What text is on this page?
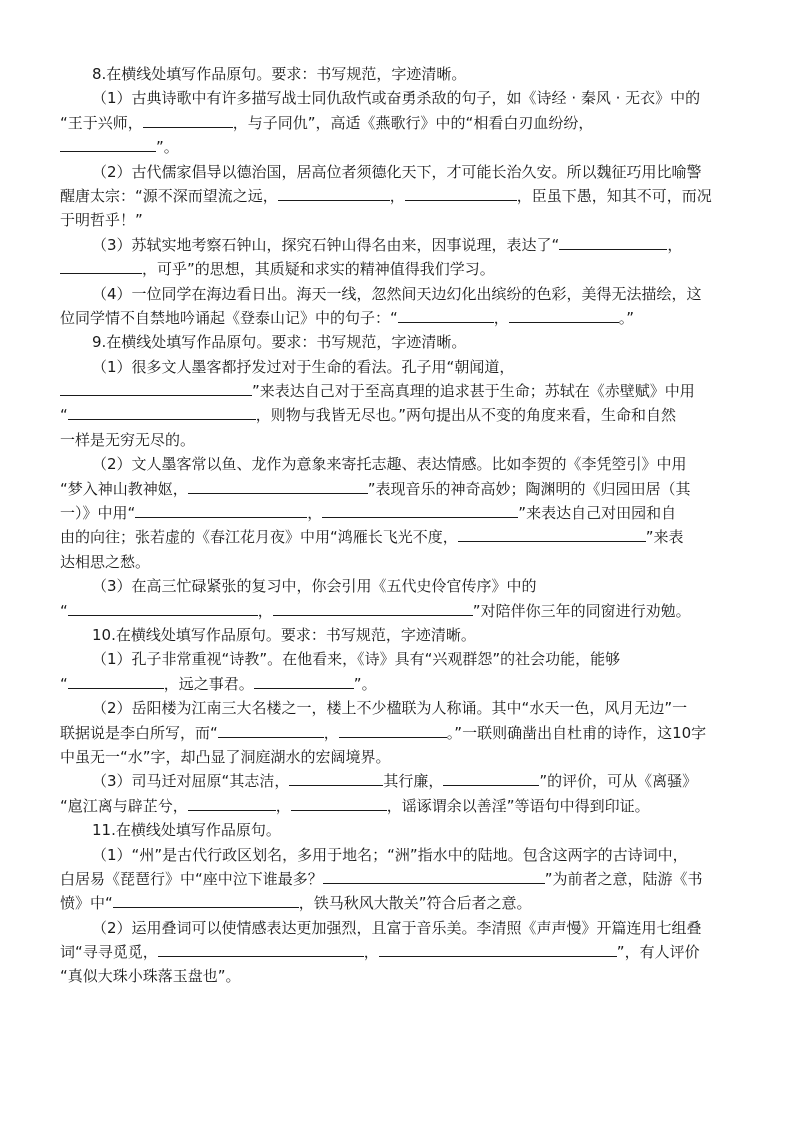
8.在横线处填写作品原句。要求：书写规范，字迹清晰。
（1）古典诗歌中有许多描写战士同仇敌忾或奋勇杀敌的句子，如《诗经 · 秦风 · 无衣》中的
“王于兴师，	，与子同仇”，高适《燕歌行》中的“相看白刃血纷纷，
”。
（2）古代儒家倡导以德治国，居高位者须德化天下，才可能长治久安。所以魏征巧用比喻警
醒唐太宗：“源不深而望流之远，	，	，臣虽下愚，知其不可，而况
于明哲乎！”
（3）苏轼实地考察石钟山，探究石钟山得名由来，因事说理，表达了“	，
，可乎”的思想，其质疑和求实的精神值得我们学习。
（4）一位同学在海边看日出。海天一线，忽然间天边幻化出缤纷的色彩，美得无法描绘，这
位同学情不自禁地吟诵起《登泰山记》中的句子：“	，	。”
9.在横线处填写作品原句。要求：书写规范，字迹清晰。
（1）很多文人墨客都抒发过对于生命的看法。孔子用“朝闻道，
”来表达自己对于至高真理的追求甚于生命；苏轼在《赤壁赋》中用
“	，则物与我皆无尽也。”两句提出从不变的角度来看，生命和自然
一样是无穷无尽的。
（2）文人墨客常以鱼、龙作为意象来寄托志趣、表达情感。比如李贺的《李凭箜引》中用
“梦入神山教神妪，	”表现音乐的神奇高妙；陶渊明的《归园田居（其
一）》中用“	，	”来表达自己对田园和自
由的向往；张若虚的《春江花月夜》中用“鸿雁长飞光不度，	”来表
达相思之愁。
（3）在高三忙碌紧张的复习中，你会引用《五代史伶官传序》中的
“	，	”对陪伴你三年的同窗进行劝勉。
10.在横线处填写作品原句。要求：书写规范，字迹清晰。
（1）孔子非常重视“诗教”。在他看来，《诗》具有“兴观群怨”的社会功能，能够
“	，远之事君。	”。
（2）岳阳楼为江南三大名楼之一，楼上不少楹联为人称诵。其中“水天一色，风月无边”一
联据说是李白所写，而“	，	。”一联则确凿出自杜甫的诗作，这10字
中虽无一“水”字，却凸显了洞庭湖水的宏阔境界。
（3）司马迁对屈原“其志洁，	其行廉，	”的评价，可从《离骚》
“扈江离与辟芷兮，	，	，谣诼谓余以善淫”等语句中得到印证。
11.在横线处填写作品原句。
（1）“州”是古代行政区划名，多用于地名；“洲”指水中的陆地。包含这两字的古诗词中，
白居易《琵琶行》中“座中泣下谁最多？	”为前者之意，陆游《书
愤》中“	，铁马秋风大散关”符合后者之意。
（2）运用叠词可以使情感表达更加强烈，且富于音乐美。李清照《声声慢》开篇连用七组叠
词“寻寻觅觅，	，	”，有人评价
“真似大珠小珠落玉盘也”。
